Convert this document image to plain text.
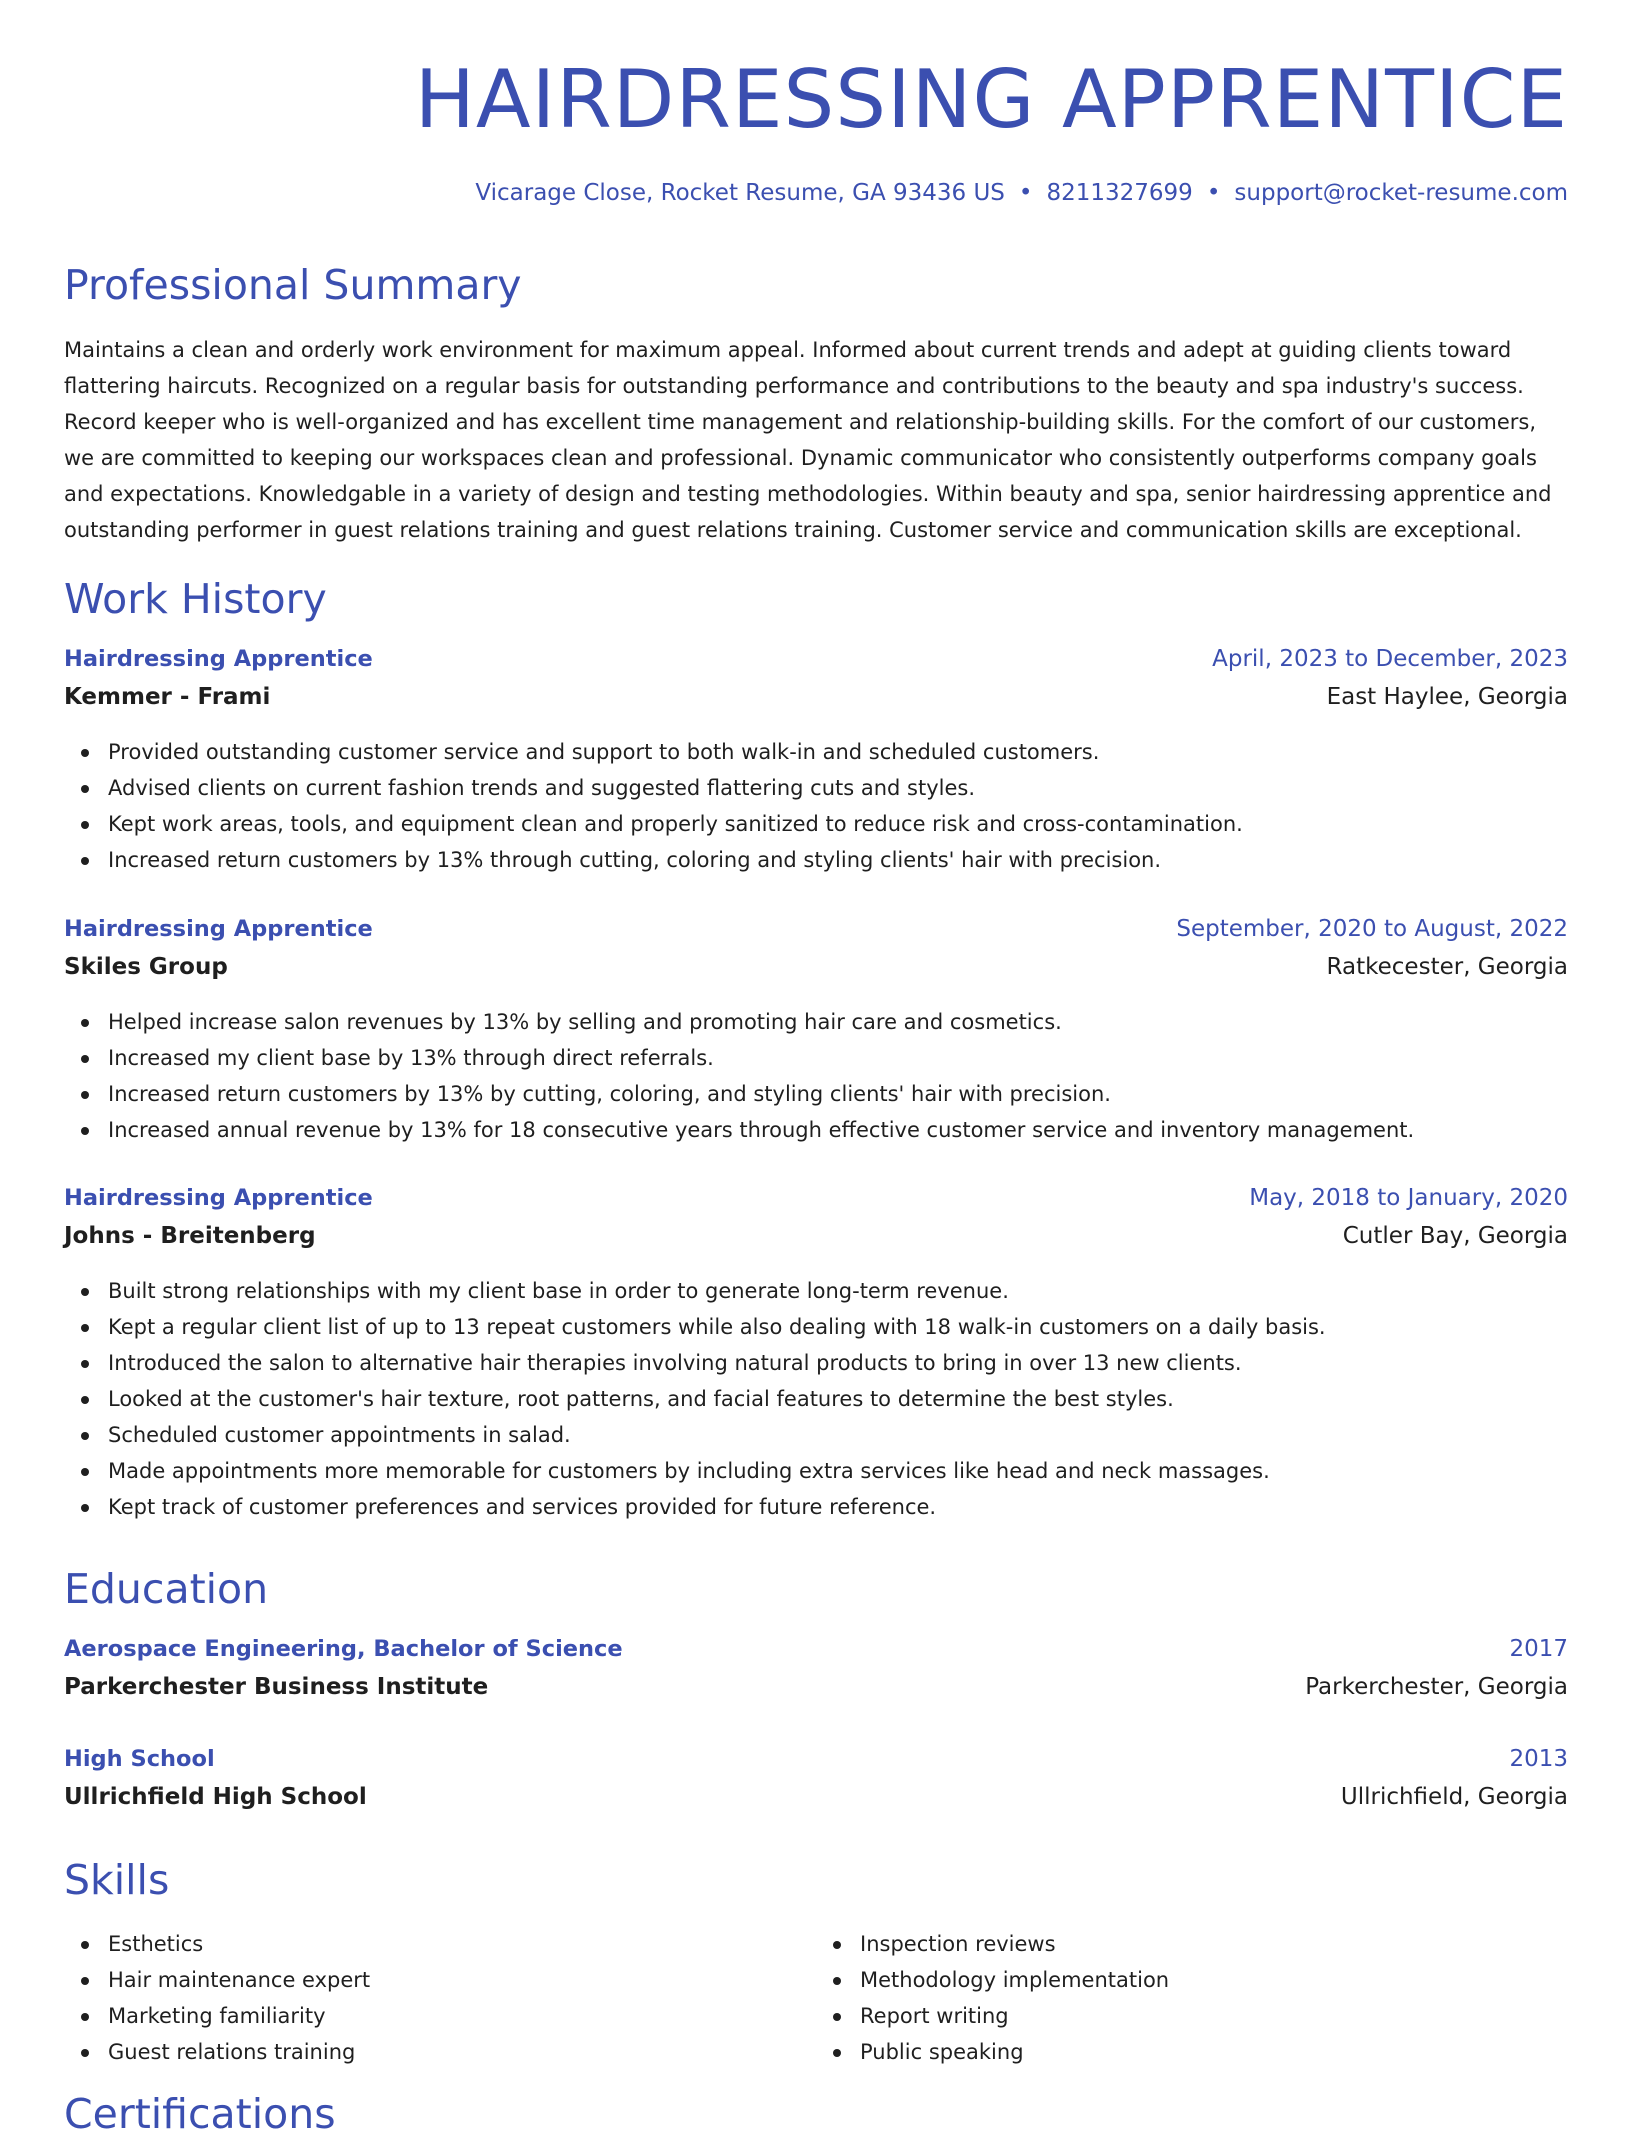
HAIRDRESSING APPRENTICE
Vicarage Close, Rocket Resume, GA 93436 US • 8211327699 • support@rocket-resume.com
Professional Summary

Maintains a clean and orderly work environment for maximum appeal. Informed about current trends and adept at guiding clients toward flattering haircuts. Recognized on a regular basis for outstanding performance and contributions to the beauty and spa industry's success. Record keeper who is well-organized and has excellent time management and relationship-building skills. For the comfort of our customers, we are committed to keeping our workspaces clean and professional. Dynamic communicator who consistently outperforms company goals and expectations. Knowledgable in a variety of design and testing methodologies. Within beauty and spa, senior hairdressing apprentice and outstanding performer in guest relations training and guest relations training. Customer service and communication skills are exceptional.

Work History
Hairdressing Apprentice	April, 2023 to December, 2023
Kemmer - Frami	East Haylee, Georgia
Provided outstanding customer service and support to both walk-in and scheduled customers.
Advised clients on current fashion trends and suggested flattering cuts and styles.
Kept work areas, tools, and equipment clean and properly sanitized to reduce risk and cross-contamination.
Increased return customers by 13% through cutting, coloring and styling clients' hair with precision.
Hairdressing Apprentice	September, 2020 to August, 2022
Skiles Group	Ratkecester, Georgia
Helped increase salon revenues by 13% by selling and promoting hair care and cosmetics.
Increased my client base by 13% through direct referrals.
Increased return customers by 13% by cutting, coloring, and styling clients' hair with precision.
Increased annual revenue by 13% for 18 consecutive years through effective customer service and inventory management.
Hairdressing Apprentice	May, 2018 to January, 2020
Johns - Breitenberg	Cutler Bay, Georgia
Built strong relationships with my client base in order to generate long-term revenue.
Kept a regular client list of up to 13 repeat customers while also dealing with 18 walk-in customers on a daily basis.
Introduced the salon to alternative hair therapies involving natural products to bring in over 13 new clients.
Looked at the customer's hair texture, root patterns, and facial features to determine the best styles.
Scheduled customer appointments in salad.
Made appointments more memorable for customers by including extra services like head and neck massages.
Kept track of customer preferences and services provided for future reference.
Education
Aerospace Engineering, Bachelor of Science	2017
Parkerchester Business Institute	Parkerchester, Georgia
High School	2013
Ullrichfield High School	Ullrichfield, Georgia
Skills
Esthetics
Hair maintenance expert
Marketing familiarity
Guest relations training
Inspection reviews
Methodology implementation
Report writing
Public speaking
Certifications
